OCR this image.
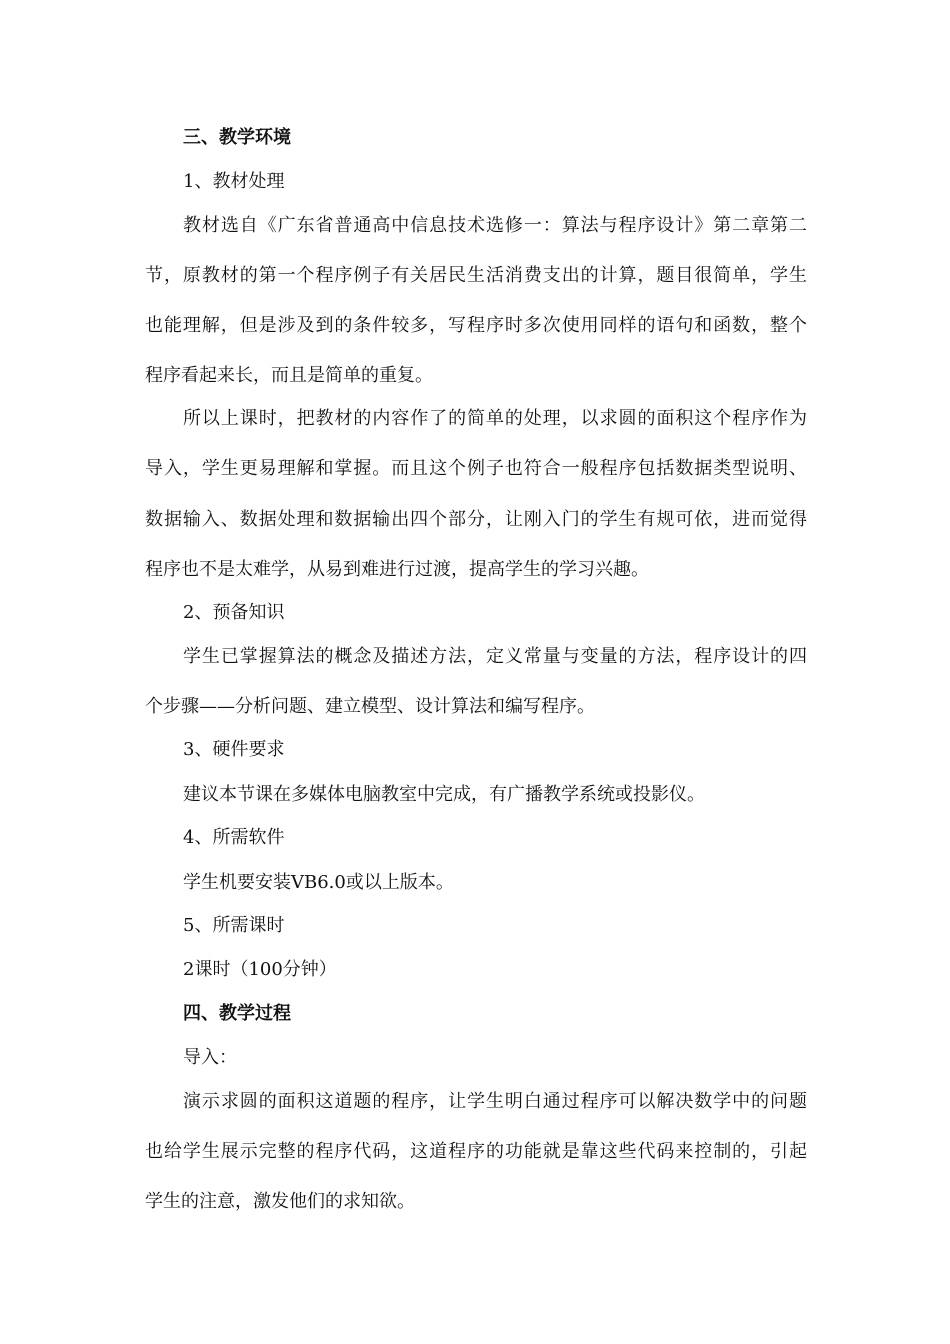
三、教学环境
1、教材处理
教材选自《广东省普通高中信息技术选修一：算法与程序设计》第二章第二
节，原教材的第一个程序例子有关居民生活消费支出的计算，题目很简单，学生
也能理解，但是涉及到的条件较多，写程序时多次使用同样的语句和函数，整个
程序看起来长，而且是简单的重复。
所以上课时，把教材的内容作了的简单的处理，以求圆的面积这个程序作为
导入，学生更易理解和掌握。而且这个例子也符合一般程序包括数据类型说明、
数据输入、数据处理和数据输出四个部分，让刚入门的学生有规可依，进而觉得
程序也不是太难学，从易到难进行过渡，提高学生的学习兴趣。
2、预备知识
学生已掌握算法的概念及描述方法，定义常量与变量的方法，程序设计的四
个步骤——分析问题、建立模型、设计算法和编写程序。
3、硬件要求
建议本节课在多媒体电脑教室中完成，有广播教学系统或投影仪。
4、所需软件
学生机要安装VB6.0或以上版本。
5、所需课时
2课时（100分钟）
四、教学过程
导入：
演示求圆的面积这道题的程序，让学生明白通过程序可以解决数学中的问题
也给学生展示完整的程序代码，这道程序的功能就是靠这些代码来控制的，引起
学生的注意，激发他们的求知欲。
